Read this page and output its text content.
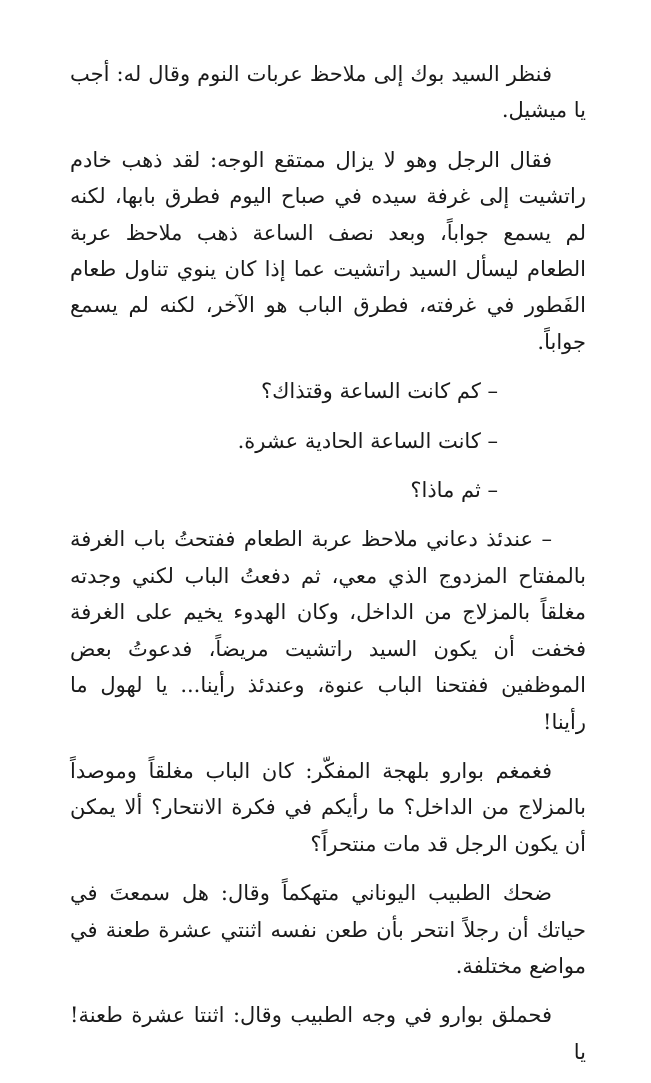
فنظر السيد بوك إلى ملاحظ عربات النوم وقال له: أجب يا ميشيل.

فقال الرجل وهو لا يزال ممتقع الوجه: لقد ذهب خادم راتشيت إلى غرفة سيده في صباح اليوم فطرق بابها، لكنه لم يسمع جواباً، وبعد نصف الساعة ذهب ملاحظ عربة الطعام ليسأل السيد راتشيت عما إذا كان ينوي تناول طعام الفَطور في غرفته، فطرق الباب هو الآخر، لكنه لم يسمع جواباً.

– كم كانت الساعة وقتذاك؟

– كانت الساعة الحادية عشرة.

– ثم ماذا؟

– عندئذ دعاني ملاحظ عربة الطعام ففتحتُ باب الغرفة بالمفتاح المزدوج الذي معي، ثم دفعتُ الباب لكني وجدته مغلقاً بالمزلاج من الداخل، وكان الهدوء يخيم على الغرفة فخفت أن يكون السيد راتشيت مريضاً، فدعوتُ بعض الموظفين ففتحنا الباب عنوة، وعندئذ رأينا... يا لهول ما رأينا!

فغمغم بوارو بلهجة المفكّر: كان الباب مغلقاً وموصداً بالمزلاج من الداخل؟ ما رأيكم في فكرة الانتحار؟ ألا يمكن أن يكون الرجل قد مات منتحراً؟

ضحك الطبيب اليوناني متهكماً وقال: هل سمعتَ في حياتك أن رجلاً انتحر بأن طعن نفسه اثنتي عشرة طعنة في مواضع مختلفة.

فحملق بوارو في وجه الطبيب وقال: اثنتا عشرة طعنة! يا
